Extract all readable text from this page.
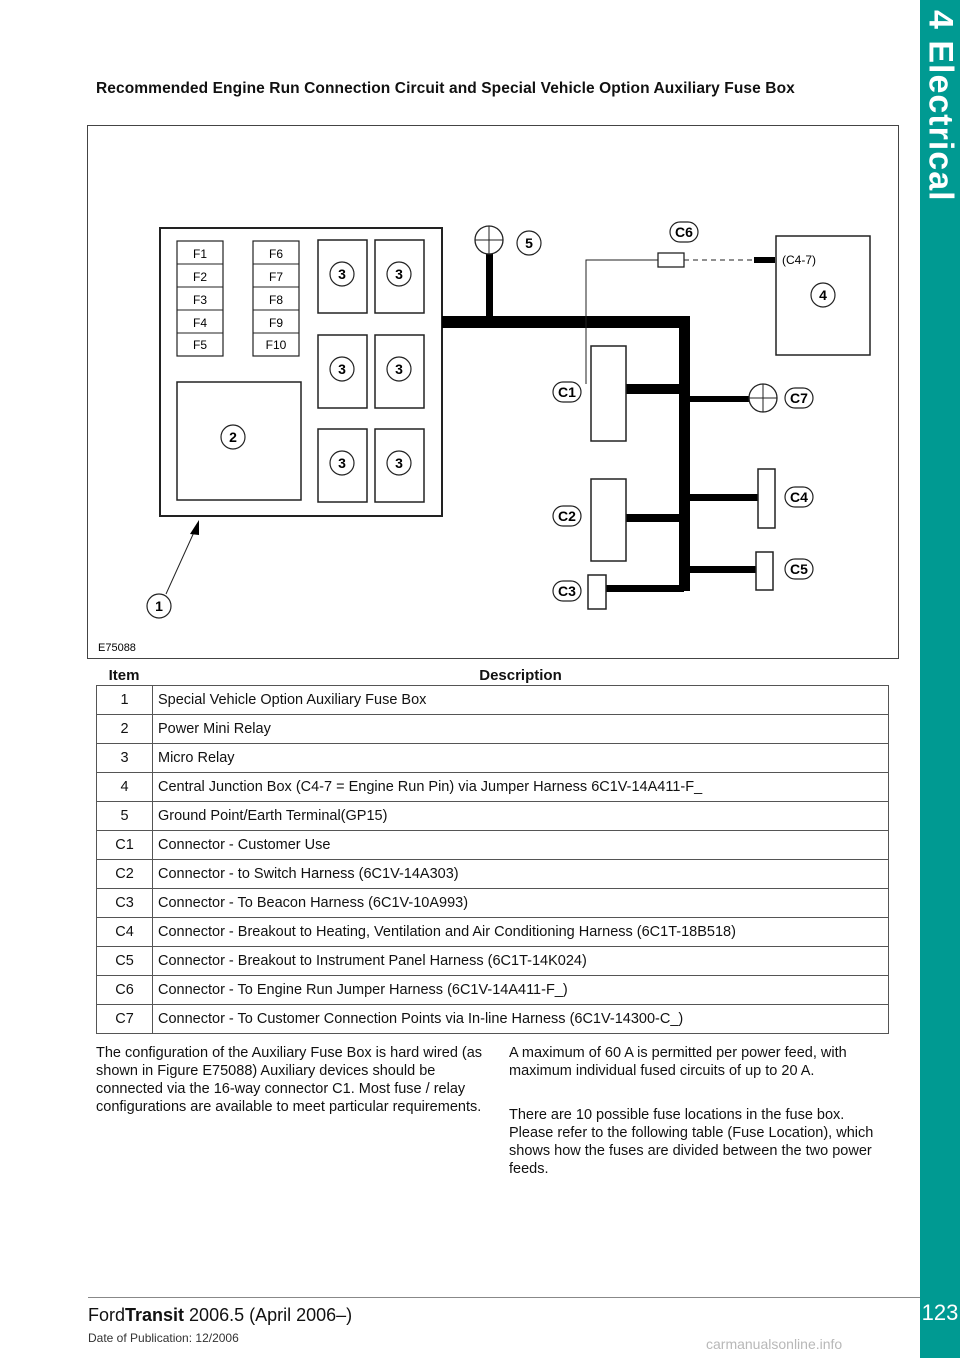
4 Electrical
123
Recommended Engine Run Connection Circuit and Special Vehicle Option Auxiliary Fuse Box
F1
F2
F3
F4
F5
F6
F7
F8
F9
F10
2
3	3
3	3
3	3
5
(C4-7)
4
C6
C1
C2
C3
C7
C4
C5
1
E75088
Item	Description
1	Special Vehicle Option Auxiliary Fuse Box
2	Power Mini Relay
3	Micro Relay
4	Central Junction Box (C4-7 = Engine Run Pin) via Jumper Harness 6C1V-14A411-F_
5	Ground Point/Earth Terminal(GP15)
C1	Connector - Customer Use
C2	Connector - to Switch Harness (6C1V-14A303)
C3	Connector - To Beacon Harness (6C1V-10A993)
C4	Connector - Breakout to Heating, Ventilation and Air Conditioning Harness (6C1T-18B518)
C5	Connector - Breakout to Instrument Panel Harness (6C1T-14K024)
C6	Connector - To Engine Run Jumper Harness (6C1V-14A411-F_)
C7	Connector - To Customer Connection Points via In-line Harness (6C1V-14300-C_)

The configuration of the Auxiliary Fuse Box is hard wired (as shown in Figure E75088) Auxiliary devices should be connected via the 16-way connector C1. Most fuse / relay configurations are available to meet particular requirements.

A maximum of 60 A is permitted per power feed, with maximum individual fused circuits of up to 20 A.

There are 10 possible fuse locations in the fuse box. Please refer to the following table (Fuse Location), which shows how the fuses are divided between the two power feeds.

FordTransit 2006.5 (April 2006–)
Date of Publication: 12/2006	carmanualsonline.info
